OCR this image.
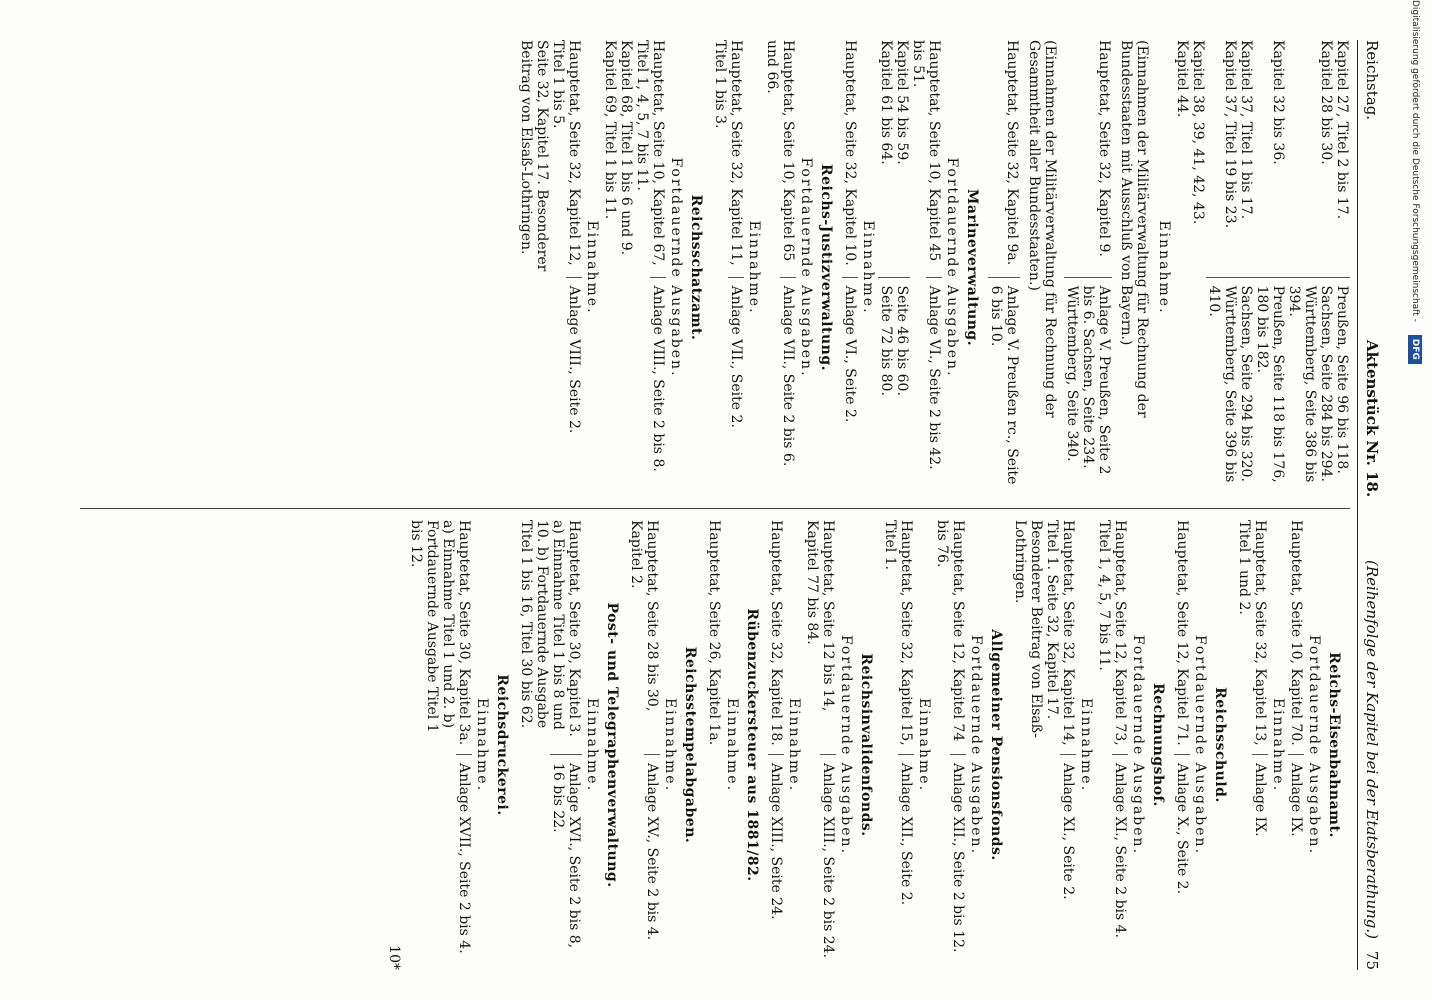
Reichstag.
Aktenstück Nr. 18.
(Reihenfolge der Kapitel bei der Etatsberathung.)
75
Kapitel 27, Titel 2 bis 17.
Preußen, Seite 96 bis 118.
Kapitel 28 bis 30.
Sachsen, Seite 284 bis 294.
Württemberg, Seite 386 bis 394.
Kapitel 32 bis 36.
Preußen, Seite 118 bis 176, 180 bis 182.
Kapitel 37, Titel 1 bis 17.
Sachsen, Seite 294 bis 320.
Kapitel 37, Titel 19 bis 23.
Württemberg, Seite 396 bis 410.
Kapitel 38, 39, 41, 42, 43.
Kapitel 44.
Einnahme.
(Einnahmen der Militärverwaltung für Rechnung der Bundesstaaten mit Ausschluß von Bayern.)
Hauptetat, Seite 32, Kapitel 9.
Anlage V. Preußen, Seite 2 bis 6. Sachsen, Seite 234. Württemberg, Seite 340.
(Einnahmen der Militärverwaltung für Rechnung der Gesammtheit aller Bundesstaaten.)
Hauptetat, Seite 32, Kapitel 9a.
Anlage V. Preußen rc., Seite 6 bis 10.
Marineverwaltung.
Fortdauernde Ausgaben.
Hauptetat, Seite 10, Kapitel 45 bis 51.
Anlage VI., Seite 2 bis 42.
Kapitel 54 bis 59.
Seite 46 bis 60.
Kapitel 61 bis 64.
Seite 72 bis 80.
Einnahme.
Hauptetat, Seite 32, Kapitel 10.
Anlage VI., Seite 2.
Reichs-Justizverwaltung.
Fortdauernde Ausgaben.
Hauptetat, Seite 10, Kapitel 65 und 66.
Anlage VII., Seite 2 bis 6.
Einnahme.
Hauptetat, Seite 32, Kapitel 11, Titel 1 bis 3.
Anlage VII., Seite 2.
Reichsschatzamt.
Fortdauernde Ausgaben.
Hauptetat, Seite 10, Kapitel 67, Titel 1, 4, 5, 7 bis 11.
Anlage VIII., Seite 2 bis 8.
Kapitel 68, Titel 1 bis 6 und 9.
Kapitel 69, Titel 1 bis 11.
Einnahme.
Hauptetat, Seite 32, Kapitel 12, Titel 1 bis 5.
Anlage VIII., Seite 2.
Seite 32, Kapitel 17. Besonderer Beitrag von Elsaß-Lothringen.
Reichs-Eisenbahnamt.
Fortdauernde Ausgaben.
Hauptetat, Seite 10, Kapitel 70.
Anlage IX.
Einnahme.
Hauptetat, Seite 32, Kapitel 13, Titel 1 und 2.
Anlage IX.
Reichsschuld.
Fortdauernde Ausgaben.
Hauptetat, Seite 12, Kapitel 71.
Anlage X., Seite 2.
Rechnungshof.
Fortdauernde Ausgaben.
Hauptetat, Seite 12, Kapitel 73, Titel 1, 4, 5, 7 bis 11.
Anlage XI., Seite 2 bis 4.
Einnahme.
Hauptetat, Seite 32, Kapitel 14, Titel 1. Seite 32, Kapitel 17. Besonderer Beitrag von Elsaß-Lothringen.
Anlage XI., Seite 2.
Allgemeiner Pensionsfonds.
Fortdauernde Ausgaben.
Hauptetat, Seite 12, Kapitel 74 bis 76.
Anlage XII., Seite 2 bis 12.
Einnahme.
Hauptetat, Seite 32, Kapitel 15, Titel 1.
Anlage XII., Seite 2.
Reichsinvalidenfonds.
Fortdauernde Ausgaben.
Hauptetat, Seite 12 bis 14, Kapitel 77 bis 84.
Anlage XIII., Seite 2 bis 24.
Einnahme.
Hauptetat, Seite 32, Kapitel 18.
Anlage XIII., Seite 24.
Rübenzuckersteuer aus 1881/82.
Einnahme.
Hauptetat, Seite 26, Kapitel 1a.
Reichsstempelabgaben.
Einnahme.
Hauptetat, Seite 28 bis 30, Kapitel 2.
Anlage XV., Seite 2 bis 4.
Post- und Telegraphenverwaltung.
Einnahme.
Hauptetat, Seite 30, Kapitel 3. a) Einnahme Titel 1 bis 8 und 10. b) Fortdauernde Ausgabe Titel 1 bis 16, Titel 30 bis 62.
Anlage XVI., Seite 2 bis 8, 16 bis 22.
Reichsdruckerei.
Einnahme.
Hauptetat, Seite 30, Kapitel 3a. a) Einnahme Titel 1 und 2. b) Fortdauernde Ausgabe Titel 1 bis 12.
Anlage XVII., Seite 2 bis 4.
10*
Digitalisierung gefördert durch die Deutsche Forschungsgemeinschaft - DFG
